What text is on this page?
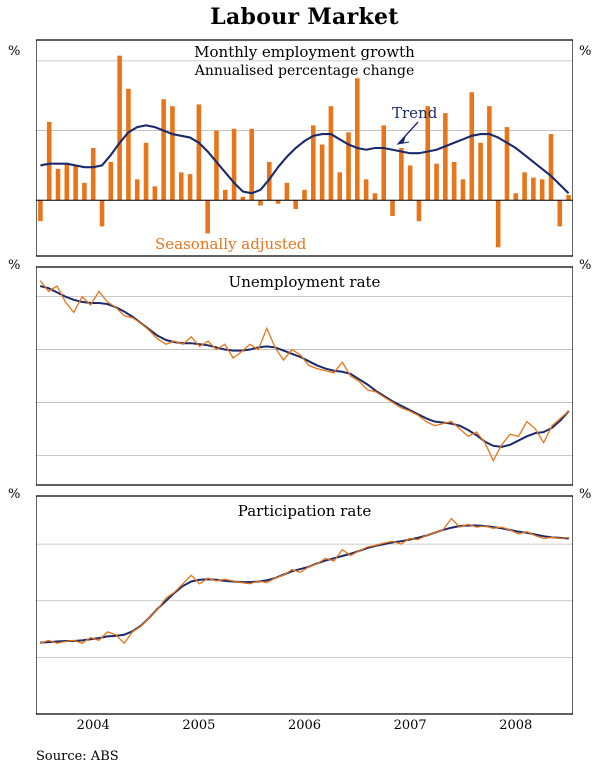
Labour Market
%	%
Monthly employment growth
Annualised percentage change
Trend
Seasonally adjusted
%	%
Unemployment rate
%	%
Participation rate
2004	2005	2006	2007	2008
Source: ABS
